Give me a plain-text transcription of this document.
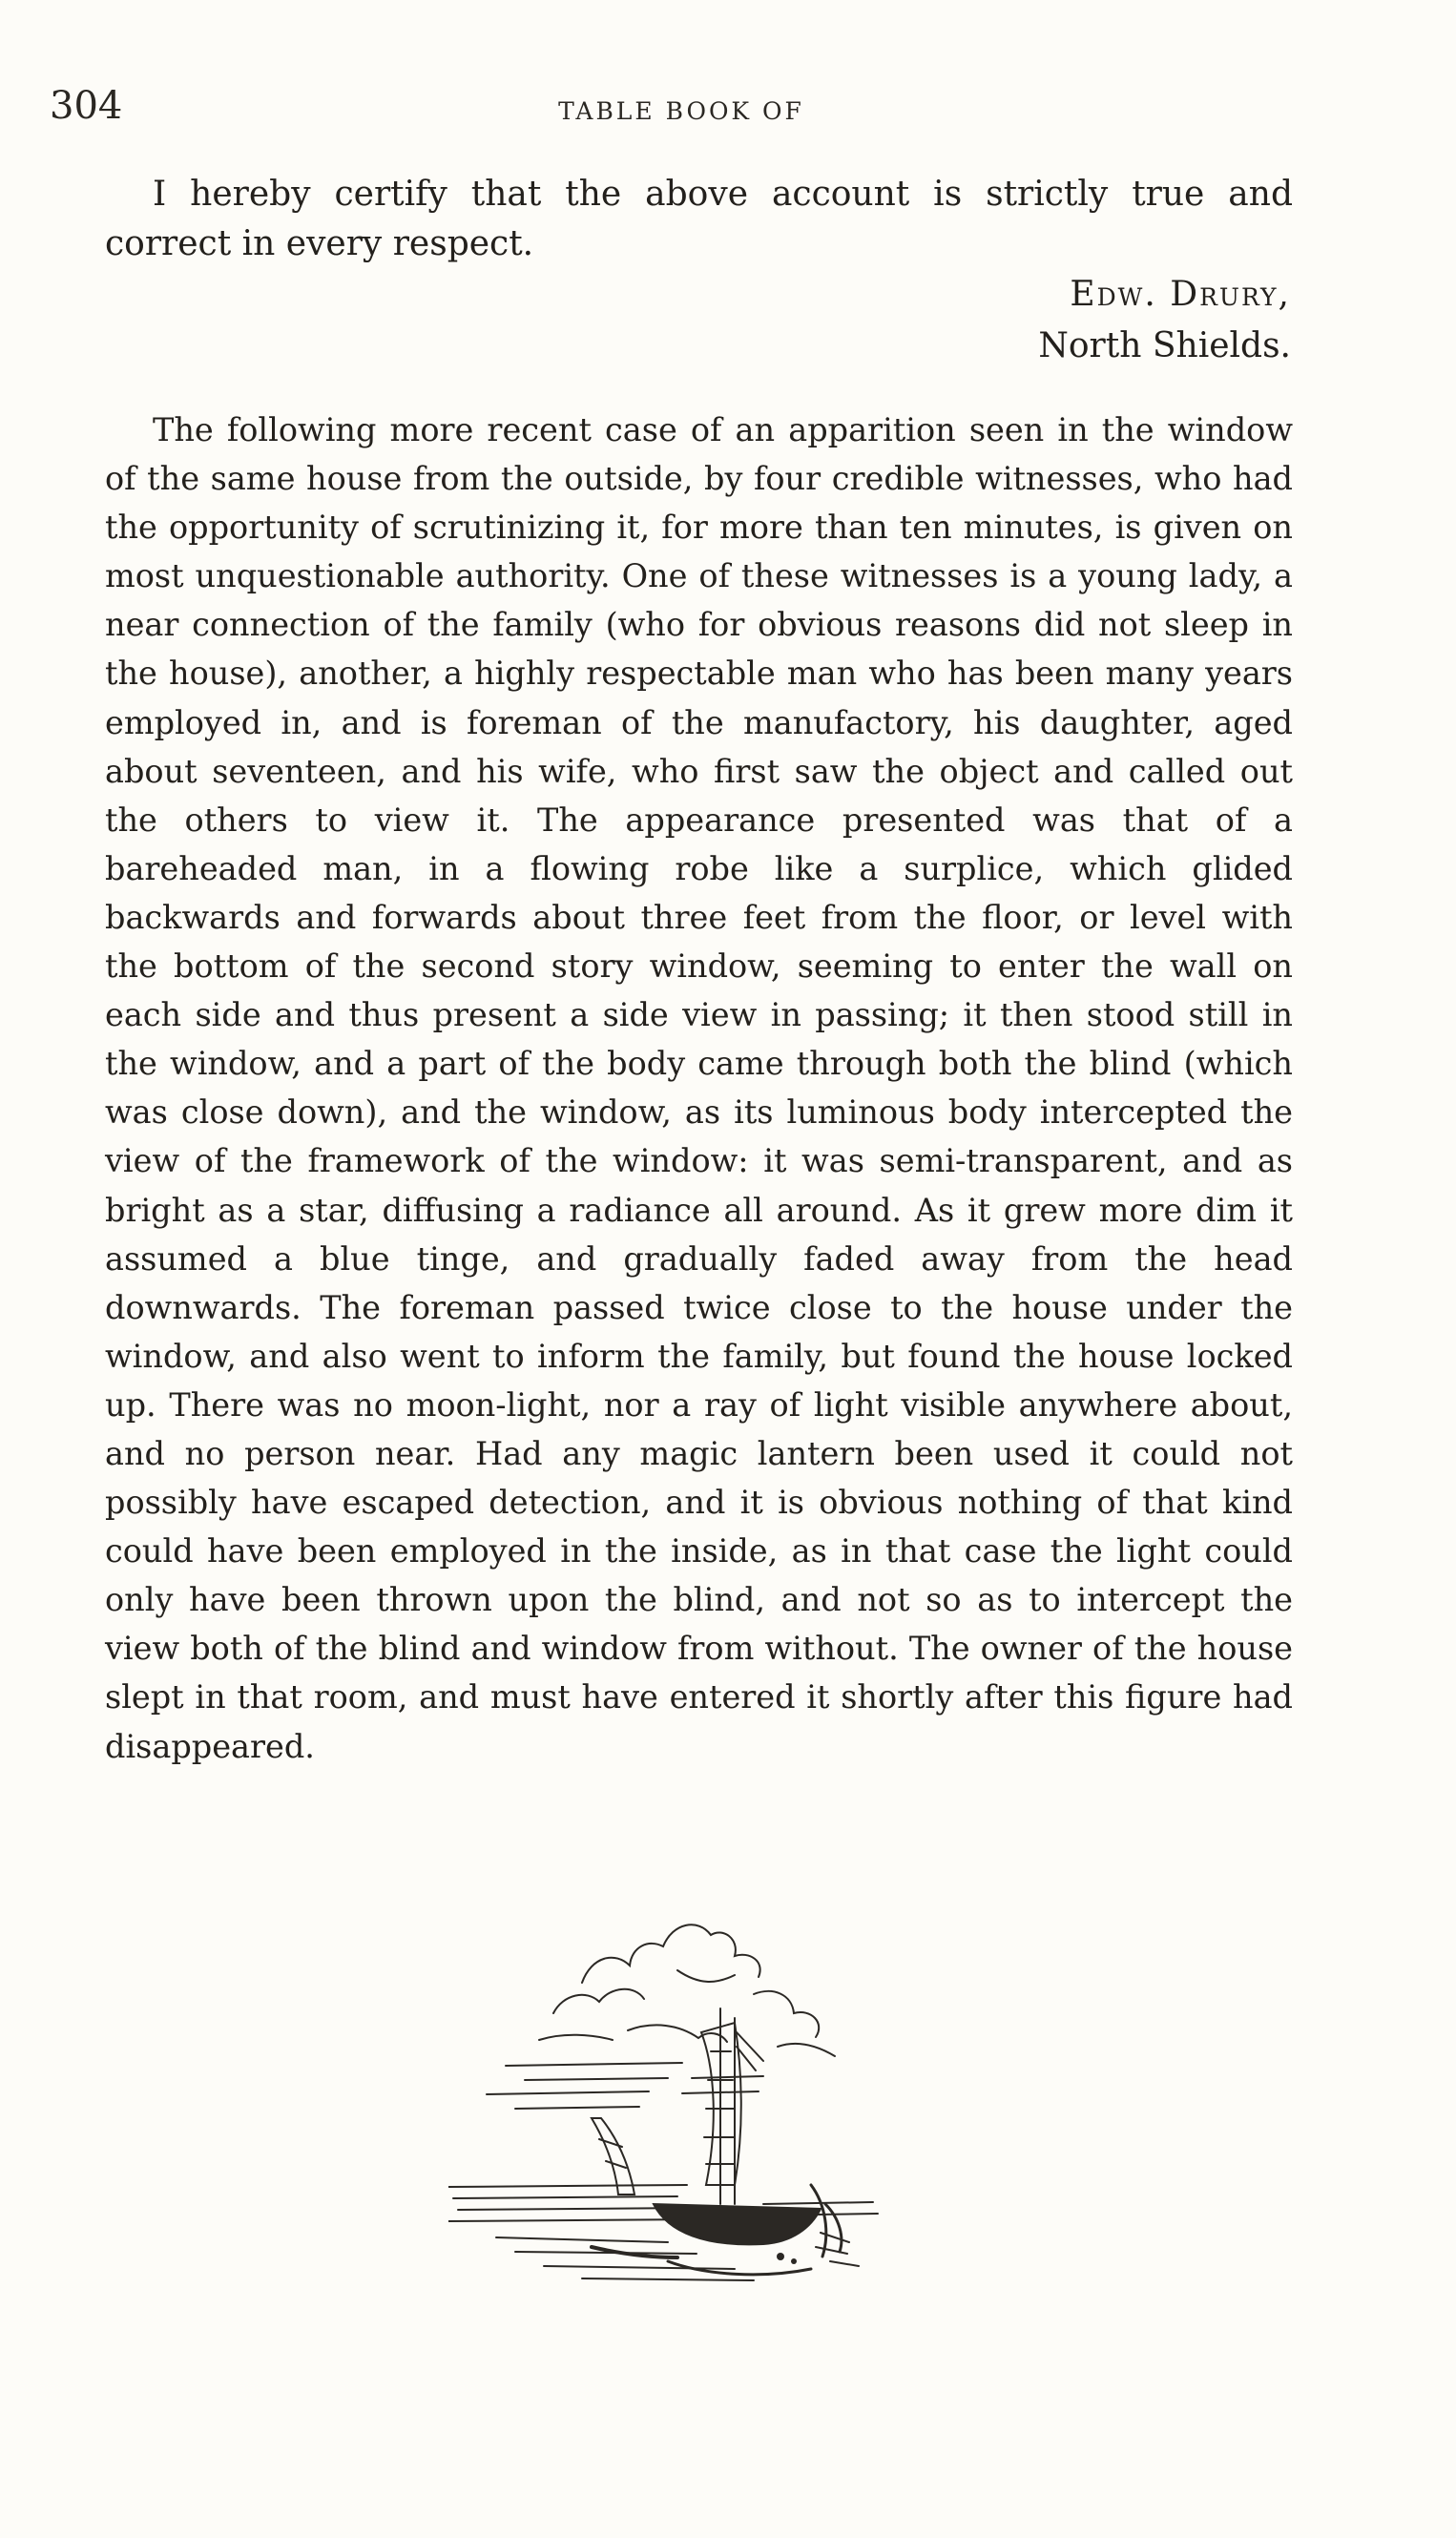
304	TABLE BOOK OF

I hereby certify that the above account is strictly true and correct in every respect.

Edw. Drury,
North Shields.

The following more recent case of an apparition seen in the window of the same house from the outside, by four credible witnesses, who had the opportunity of scrutinizing it, for more than ten minutes, is given on most unquestionable authority. One of these witnesses is a young lady, a near connection of the family (who for obvious reasons did not sleep in the house), another, a highly respectable man who has been many years employed in, and is foreman of the manufactory, his daughter, aged about seventeen, and his wife, who first saw the object and called out the others to view it. The appearance presented was that of a bareheaded man, in a flowing robe like a surplice, which glided backwards and forwards about three feet from the floor, or level with the bottom of the second story window, seeming to enter the wall on each side and thus present a side view in passing; it then stood still in the window, and a part of the body came through both the blind (which was close down), and the window, as its luminous body intercepted the view of the framework of the window: it was semi-transparent, and as bright as a star, diffusing a radiance all around. As it grew more dim it assumed a blue tinge, and gradually faded away from the head downwards. The foreman passed twice close to the house under the window, and also went to inform the family, but found the house locked up. There was no moon-light, nor a ray of light visible anywhere about, and no person near. Had any magic lantern been used it could not possibly have escaped detection, and it is obvious nothing of that kind could have been employed in the inside, as in that case the light could only have been thrown upon the blind, and not so as to intercept the view both of the blind and window from without. The owner of the house slept in that room, and must have entered it shortly after this figure had disappeared.
